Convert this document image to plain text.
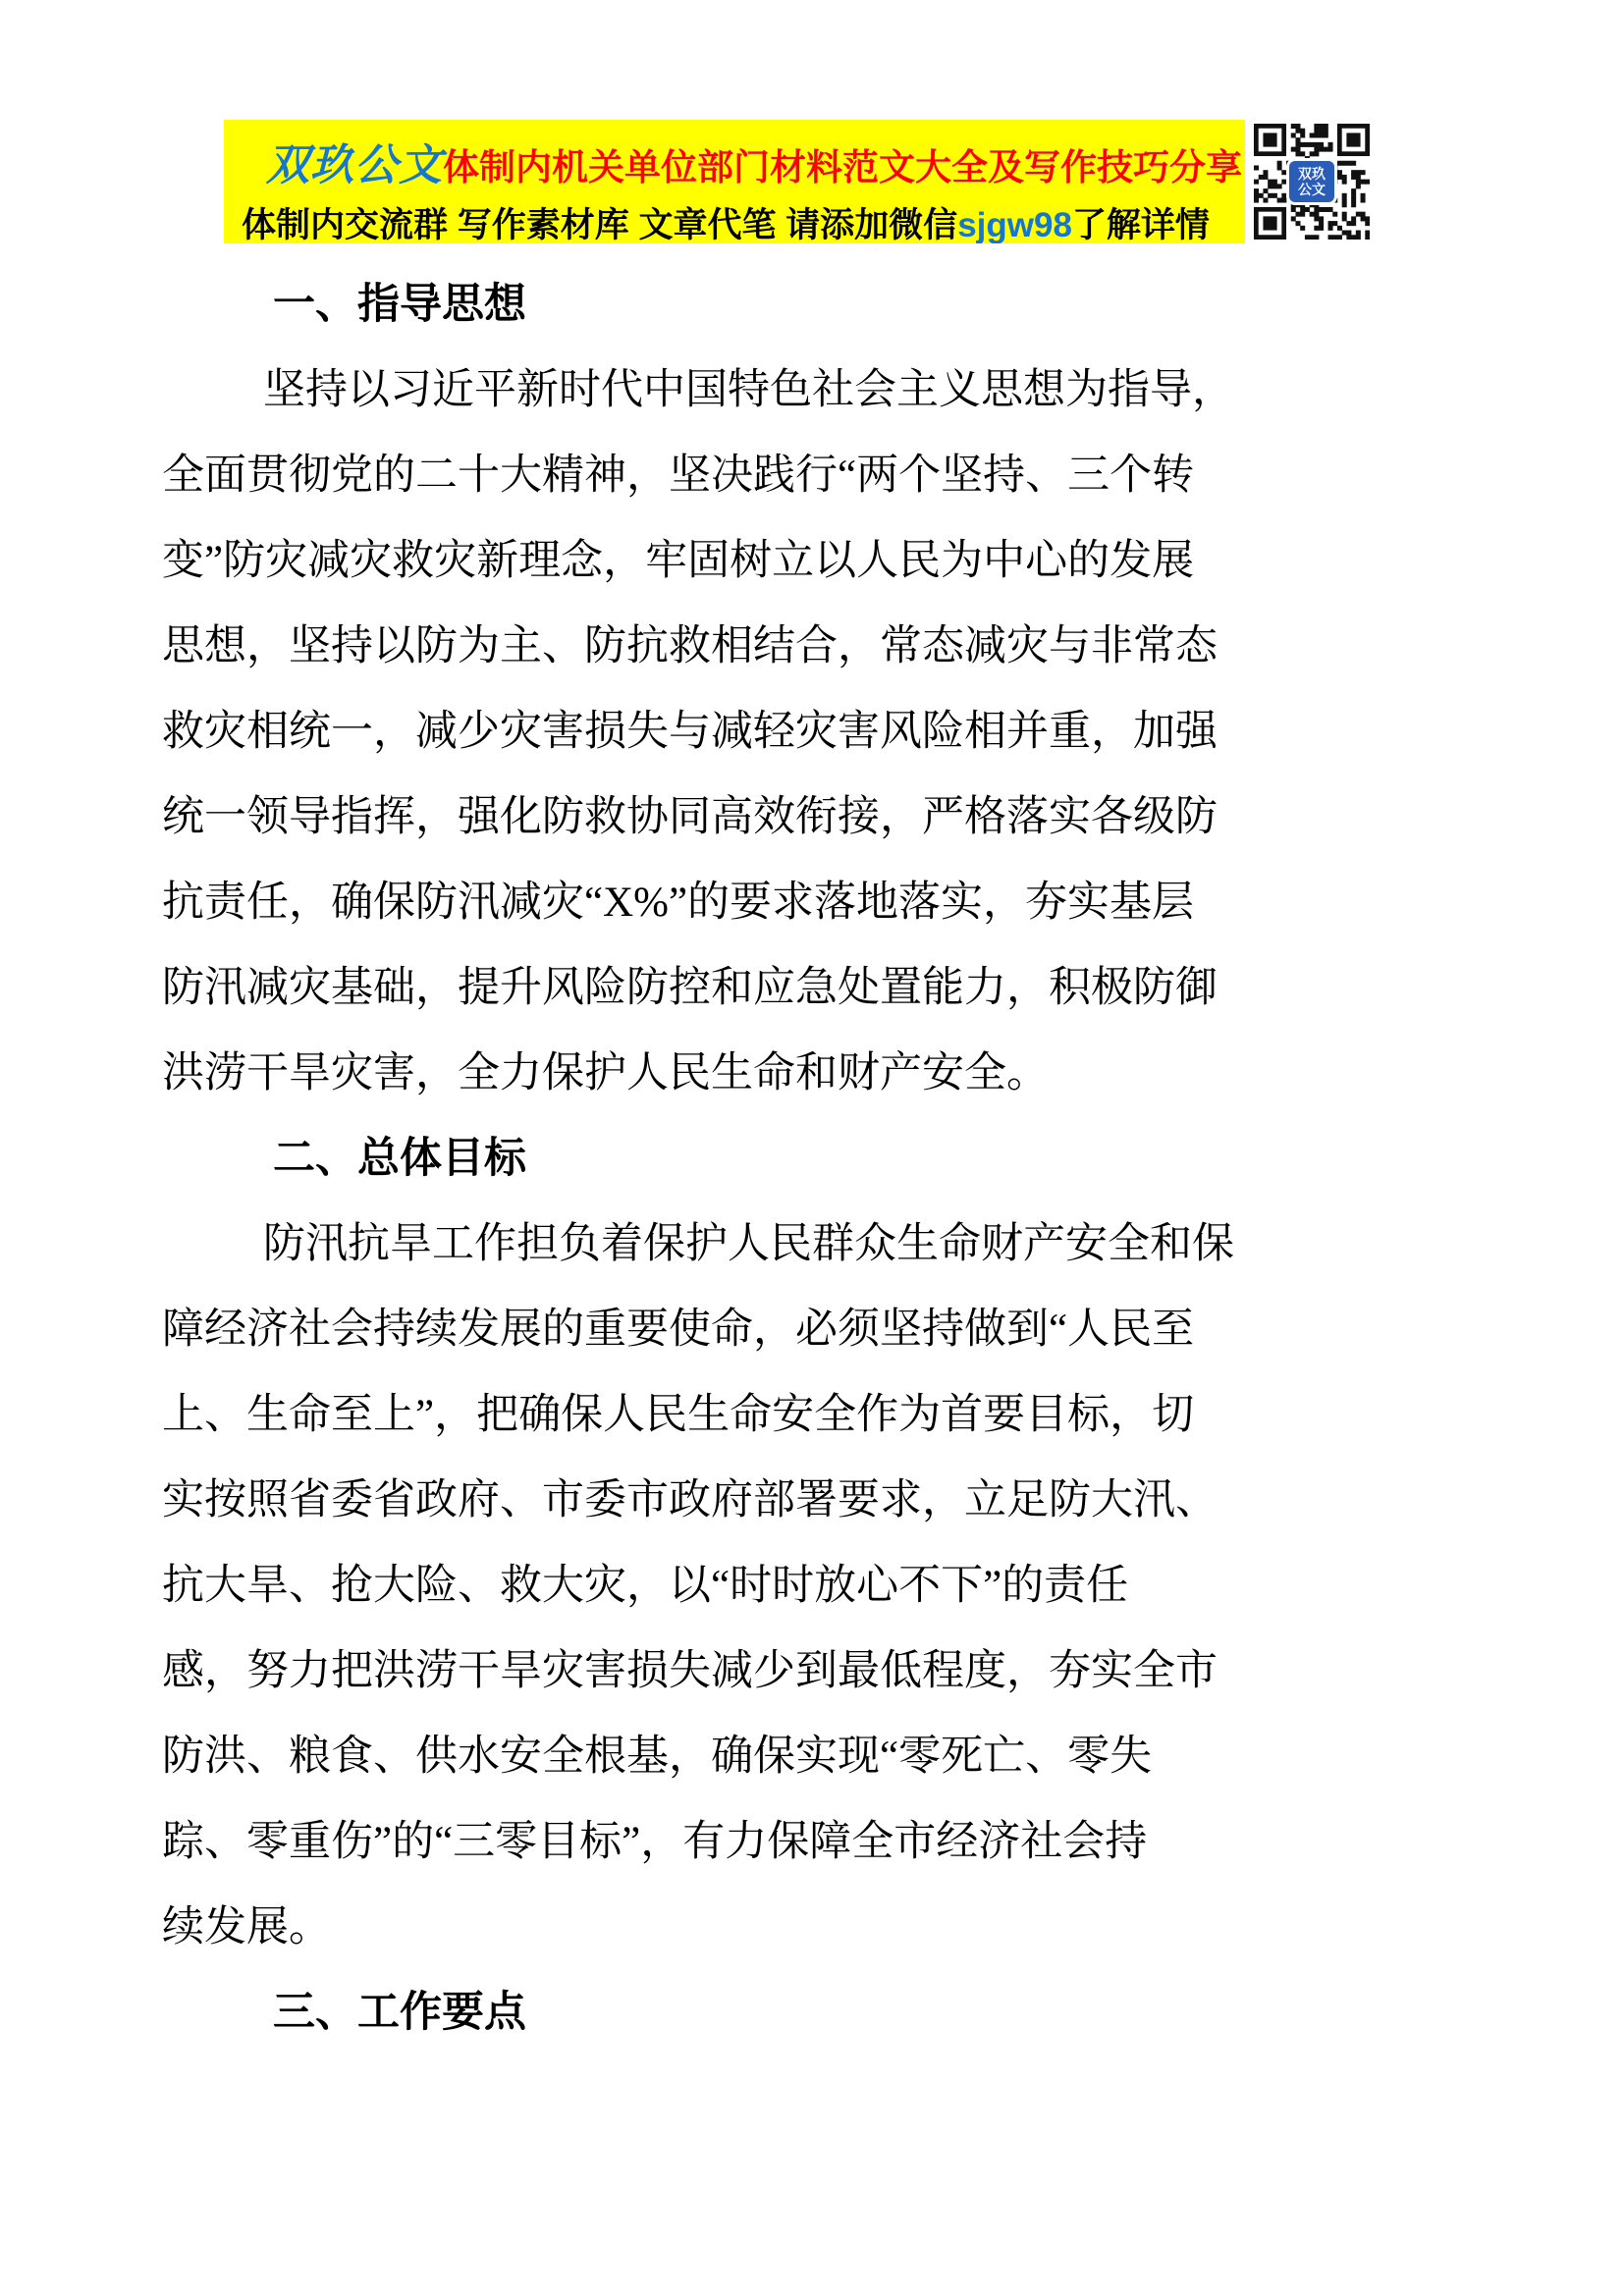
双玖公文 体制内机关单位部门材料范文大全及写作技巧分享
体制内交流群 写作素材库 文章代笔 请添加微信sjgw98了解详情
双玖
公文
一、指导思想
坚持以习近平新时代中国特色社会主义思想为指导，
全面贯彻党的二十大精神，坚决践行“两个坚持、三个转
变”防灾减灾救灾新理念，牢固树立以人民为中心的发展
思想，坚持以防为主、防抗救相结合，常态减灾与非常态
救灾相统一，减少灾害损失与减轻灾害风险相并重，加强
统一领导指挥，强化防救协同高效衔接，严格落实各级防
抗责任，确保防汛减灾“X%”的要求落地落实，夯实基层
防汛减灾基础，提升风险防控和应急处置能力，积极防御
洪涝干旱灾害，全力保护人民生命和财产安全。
二、总体目标
防汛抗旱工作担负着保护人民群众生命财产安全和保
障经济社会持续发展的重要使命，必须坚持做到“人民至
上、生命至上”，把确保人民生命安全作为首要目标，切
实按照省委省政府、市委市政府部署要求，立足防大汛、
抗大旱、抢大险、救大灾，以“时时放心不下”的责任
感，努力把洪涝干旱灾害损失减少到最低程度，夯实全市
防洪、粮食、供水安全根基，确保实现“零死亡、零失
踪、零重伤”的“三零目标”，有力保障全市经济社会持
续发展。
三、工作要点
